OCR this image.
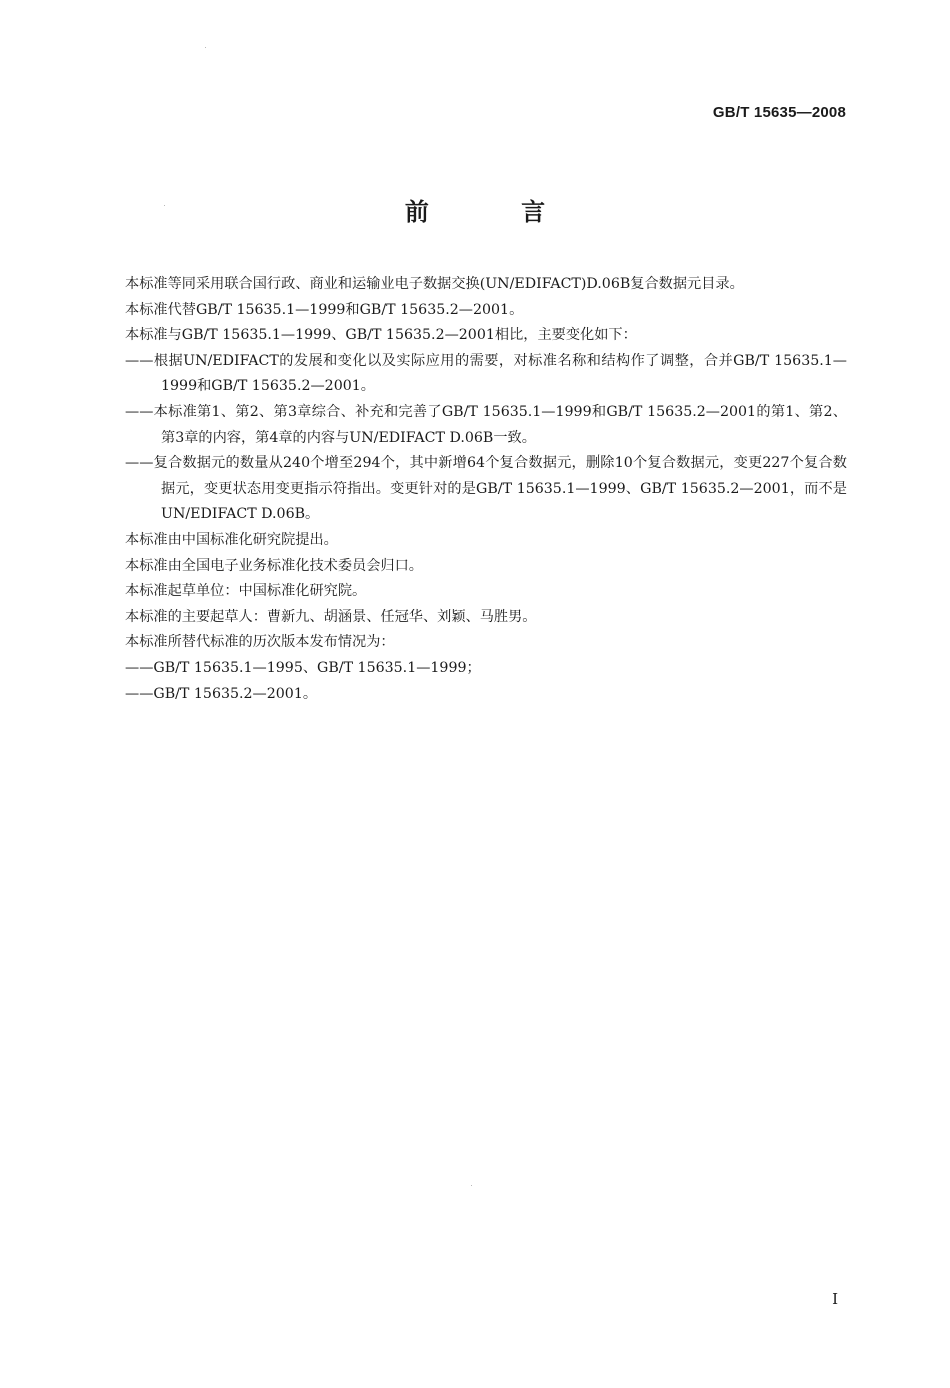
GB/T 15635—2008
前 言

本标准等同采用联合国行政、商业和运输业电子数据交换(UN/EDIFACT)D.06B复合数据元目录。

本标准代替GB/T 15635.1—1999和GB/T 15635.2—2001。

本标准与GB/T 15635.1—1999、GB/T 15635.2—2001相比，主要变化如下：

——根据UN/EDIFACT的发展和变化以及实际应用的需要，对标准名称和结构作了调整，合并GB/T 15635.1—1999和GB/T 15635.2—2001。

——本标准第1、第2、第3章综合、补充和完善了GB/T 15635.1—1999和GB/T 15635.2—2001的第1、第2、第3章的内容，第4章的内容与UN/EDIFACT D.06B一致。

——复合数据元的数量从240个增至294个，其中新增64个复合数据元，删除10个复合数据元，变更227个复合数据元，变更状态用变更指示符指出。变更针对的是GB/T 15635.1—1999、GB/T 15635.2—2001，而不是UN/EDIFACT D.06B。

本标准由中国标准化研究院提出。

本标准由全国电子业务标准化技术委员会归口。

本标准起草单位：中国标准化研究院。

本标准的主要起草人：曹新九、胡涵景、任冠华、刘颖、马胜男。

本标准所替代标准的历次版本发布情况为：

——GB/T 15635.1—1995、GB/T 15635.1—1999；

——GB/T 15635.2—2001。

I
